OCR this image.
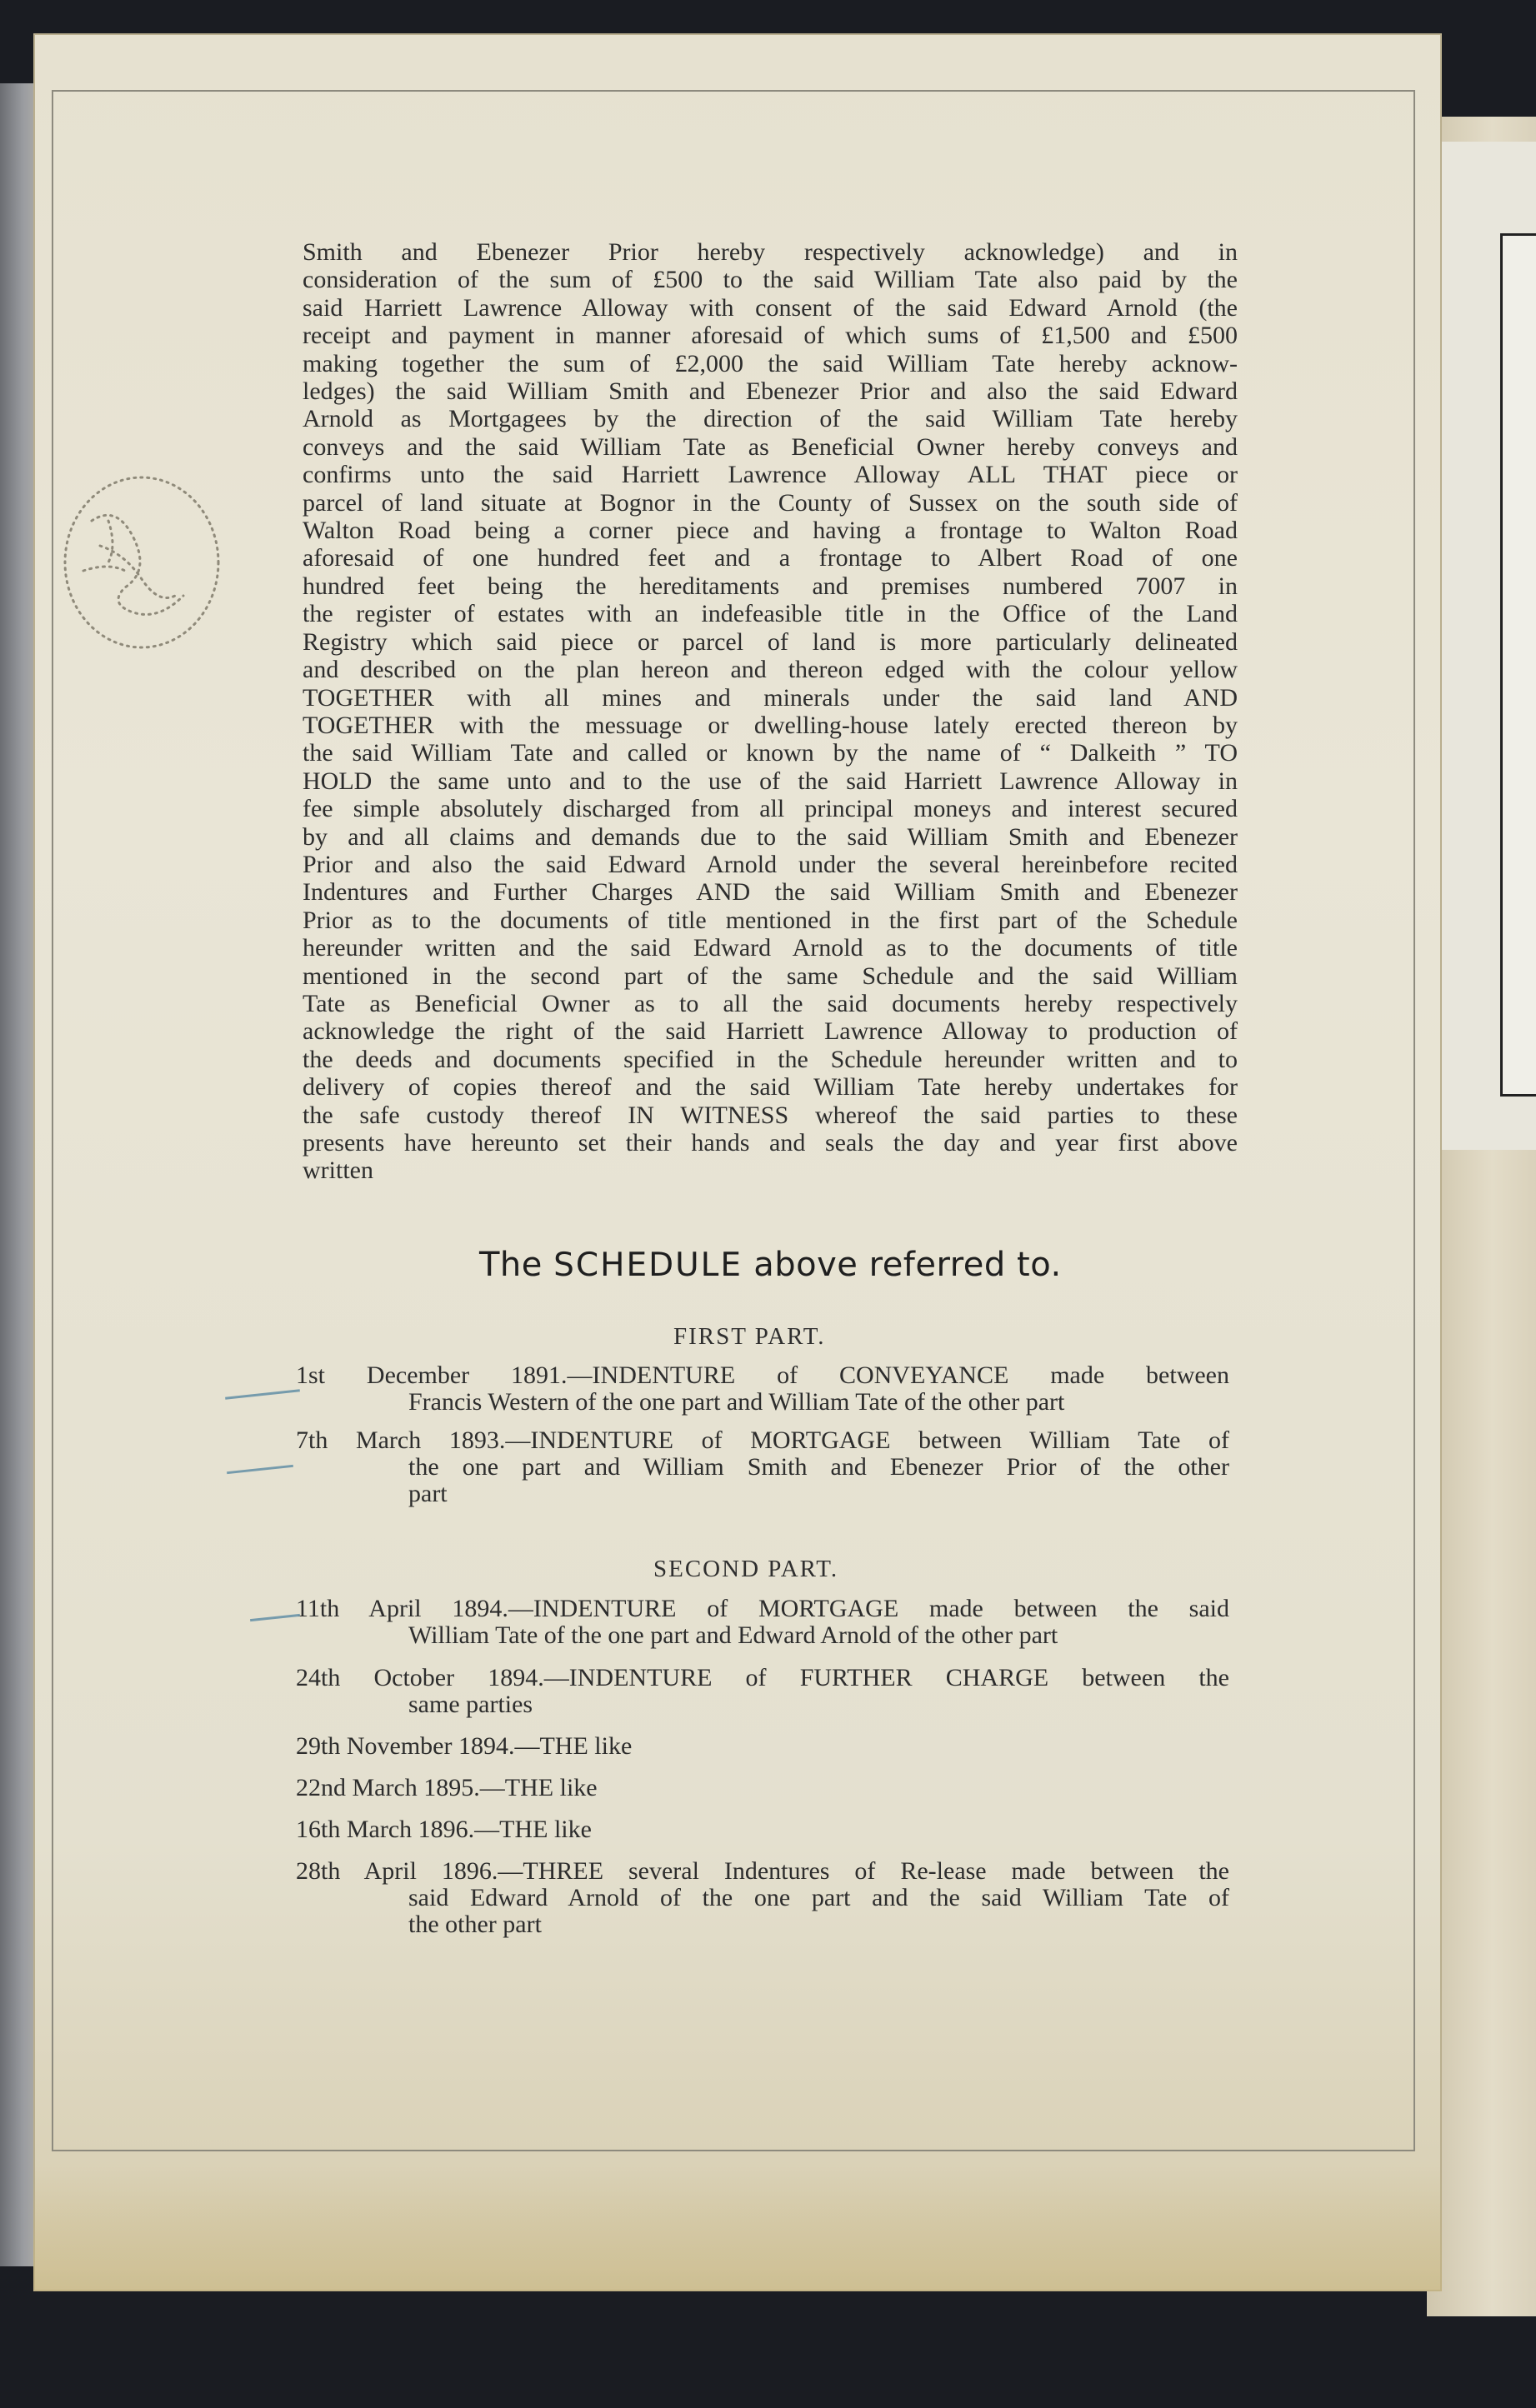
Smith and Ebenezer Prior hereby respectively acknowledge) and in
consideration of the sum of £500 to the said William Tate also paid by the
said Harriett Lawrence Alloway with consent of the said Edward Arnold (the
receipt and payment in manner aforesaid of which sums of £1,500 and £500
making together the sum of £2,000 the said William Tate hereby acknow-
ledges) the said William Smith and Ebenezer Prior and also the said Edward
Arnold as Mortgagees by the direction of the said William Tate hereby
conveys and the said William Tate as Beneficial Owner hereby conveys and
confirms unto the said Harriett Lawrence Alloway ALL THAT piece or
parcel of land situate at Bognor in the County of Sussex on the south side of
Walton Road being a corner piece and having a frontage to Walton Road
aforesaid of one hundred feet and a frontage to Albert Road of one
hundred feet being the hereditaments and premises numbered 7007 in
the register of estates with an indefeasible title in the Office of the Land
Registry which said piece or parcel of land is more particularly delineated
and described on the plan hereon and thereon edged with the colour yellow
TOGETHER with all mines and minerals under the said land AND
TOGETHER with the messuage or dwelling-house lately erected thereon by
the said William Tate and called or known by the name of “ Dalkeith ” TO
HOLD the same unto and to the use of the said Harriett Lawrence Alloway in
fee simple absolutely discharged from all principal moneys and interest secured
by and all claims and demands due to the said William Smith and Ebenezer
Prior and also the said Edward Arnold under the several hereinbefore recited
Indentures and Further Charges AND the said William Smith and Ebenezer
Prior as to the documents of title mentioned in the first part of the Schedule
hereunder written and the said Edward Arnold as to the documents of title
mentioned in the second part of the same Schedule and the said William
Tate as Beneficial Owner as to all the said documents hereby respectively
acknowledge the right of the said Harriett Lawrence Alloway to production of
the deeds and documents specified in the Schedule hereunder written and to
delivery of copies thereof and the said William Tate hereby undertakes for
the safe custody thereof IN WITNESS whereof the said parties to these
presents have hereunto set their hands and seals the day and year first above
written
The SCHEDULE above referred to.
FIRST PART.
1st December 1891.—INDENTURE of CONVEYANCE made between
Francis Western of the one part and William Tate of the other part
7th March 1893.—INDENTURE of MORTGAGE between William Tate of
the one part and William Smith and Ebenezer Prior of the other
part
SECOND PART.
11th April 1894.—INDENTURE of MORTGAGE made between the said
William Tate of the one part and Edward Arnold of the other part
24th October 1894.—INDENTURE of FURTHER CHARGE between the
same parties
29th November 1894.—THE like
22nd March 1895.—THE like
16th March 1896.—THE like
28th April 1896.—THREE several Indentures of Re-lease made between the
said Edward Arnold of the one part and the said William Tate of
the other part
